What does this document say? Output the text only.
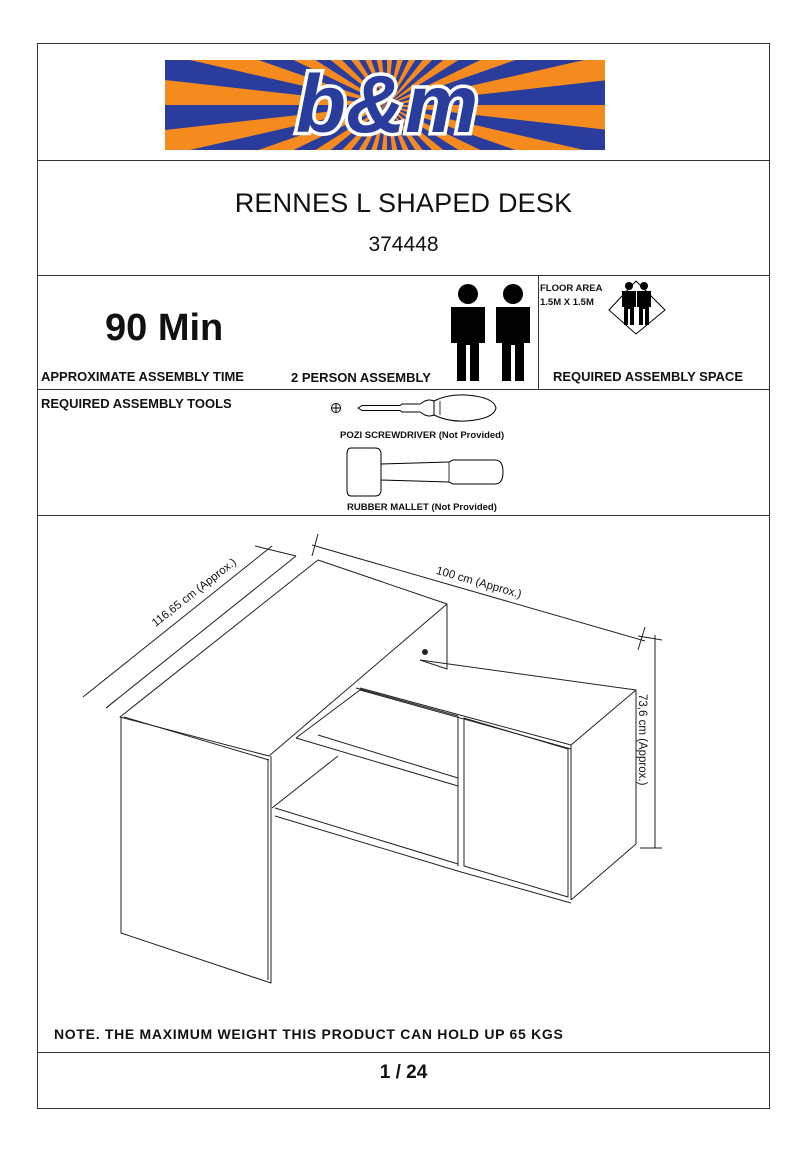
b&m
RENNES L SHAPED DESK
374448
90 Min
APPROXIMATE ASSEMBLY TIME	2 PERSON ASSEMBLY
FLOOR AREA
1.5M X 1.5M
REQUIRED ASSEMBLY SPACE
REQUIRED ASSEMBLY TOOLS
POZI SCREWDRIVER (Not Provided)
RUBBER MALLET (Not Provided)
116,65 cm (Approx.)	100 cm (Approx.)
73,6 cm (Approx.)
NOTE. THE MAXIMUM WEIGHT THIS PRODUCT CAN HOLD UP 65 KGS
1 / 24
